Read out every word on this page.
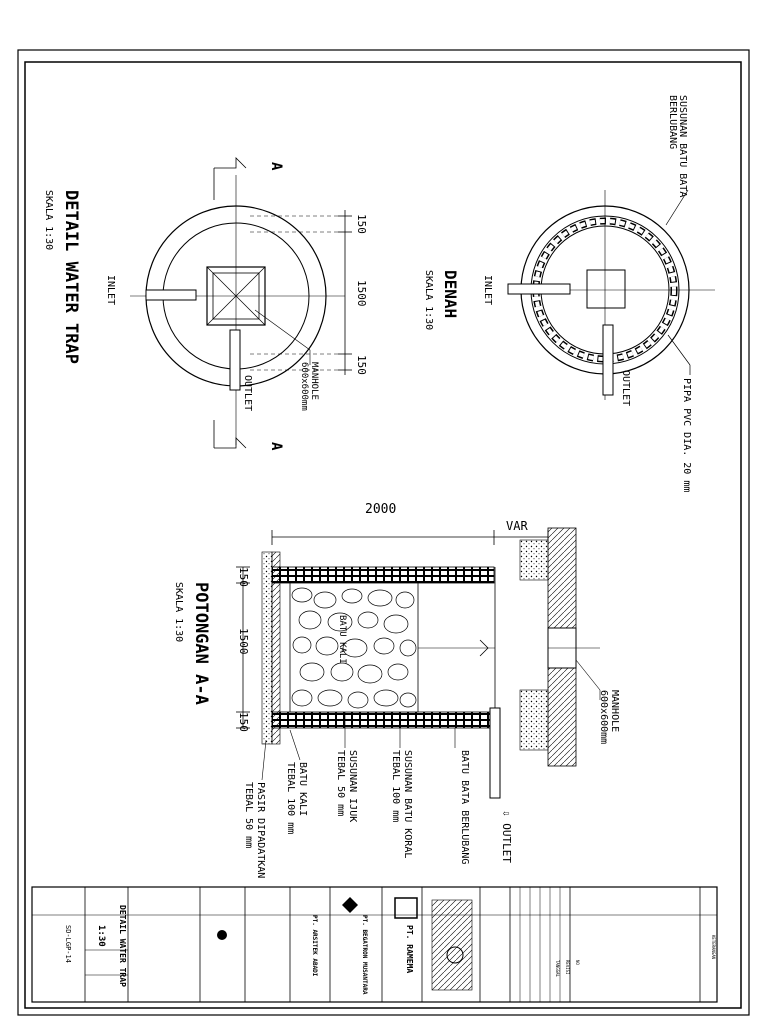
SUSUNAN BATU BATA
BERLUBANG
PIPA PVC DIA. 20 mm
INLET
OUTLET
DENAH
SKALA 1:30
A
A
150
1500
150
INLET
OUTLET	MANHOLE
600x600mm
DETAIL WATER TRAP
SKALA 1:30
2000
VAR
150
1500
150
BATU KALI
MANHOLE
600x600mm
BATU BATA BERLUBANG	⇩ OUTLET
SUSUNAN BATU KORAL
TEBAL 100 mm
SUSUNAN IJUK
TEBAL 50 mm
BATU KALI
TEBAL 100 mm
PASIR DIPADATKAN
TEBAL 50 mm
POTONGAN A-A
SKALA 1:30
DETAIL WATER TRAP
1:30
SD-LGP-14	PT. RAMEMA
PT. BEGATRON MUSANTARA
PT. ARSITEK ABADI	NO
REVISI
TANGGAL
KETERANGAN
